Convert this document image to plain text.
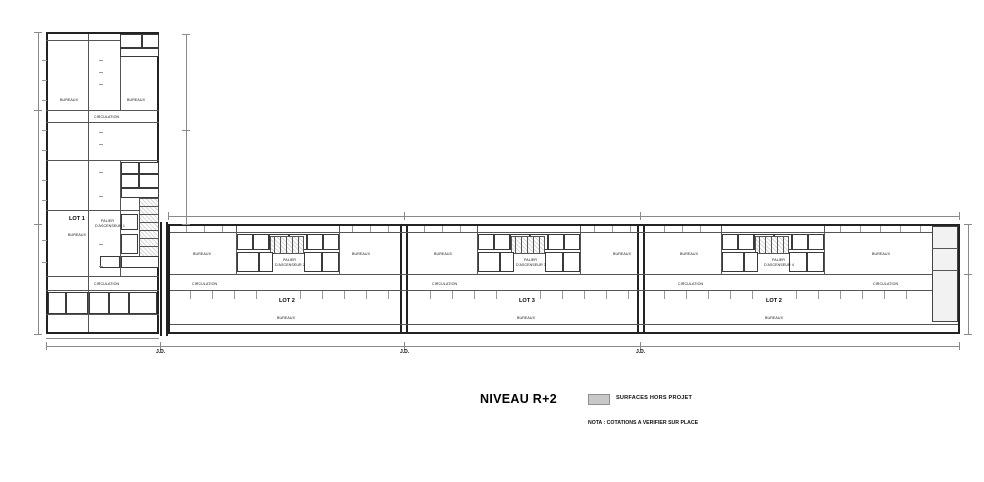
LOT 1
LOT 2	LOT 3	LOT 2
BUREAUX	BUREAUX
CIRCULATION
BUREAUX
PALIER
D'ASCENSEUR 1
CIRCULATION
BUREAUX
CIRCULATION
PALIER
D'ASCENSEUR 2
BUREAUX
BUREAUX
BUREAUX
CIRCULATION
PALIER
D'ASCENSEUR 3
BUREAUX
BUREAUX
BUREAUX
CIRCULATION
PALIER
D'ASCENSEUR 4
BUREAUX
CIRCULATION
BUREAUX
J.D.	J.D.	J.D.
NIVEAU R+2	SURFACES HORS PROJET
NOTA : COTATIONS A VERIFIER SUR PLACE
